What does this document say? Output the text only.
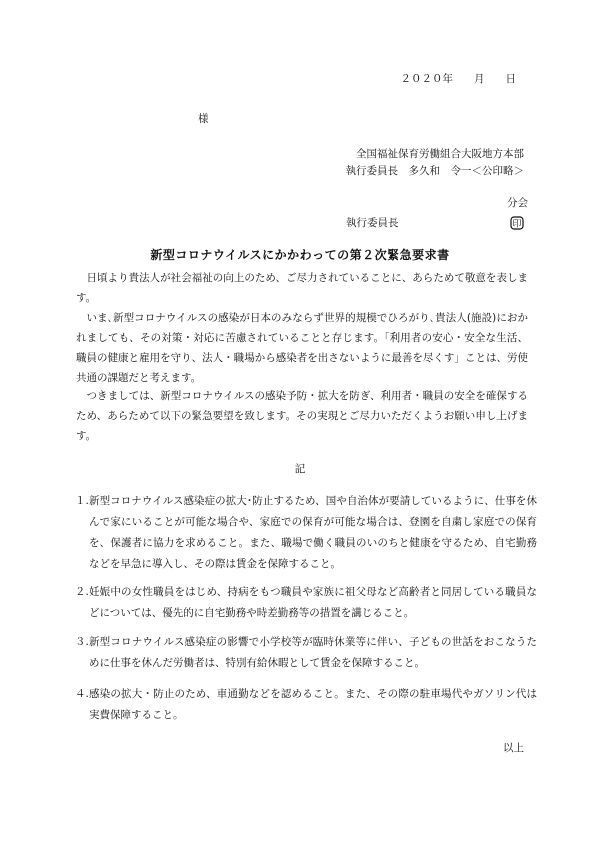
２０２０年　　月　　日
様
全国福祉保育労働組合大阪地方本部
執行委員長　多久和　令一＜公印略＞
分会
執行委員長	印
新型コロナウイルスにかかわっての第２次緊急要求書

日頃より貴法人が社会福祉の向上のため、ご尽力されていることに、あらためて敬意を表します。

いま､新型コロナウイルスの感染が日本のみならず世界的規模でひろがり､貴法人(施設)におかれましても、その対策・対応に苦慮されていることと存じます。｢利用者の安心・安全な生活、職員の健康と雇用を守り、法人・職場から感染者を出さないように最善を尽くす」ことは、労使共通の課題だと考えます。

つきましては、新型コロナウイルスの感染予防・拡大を防ぎ、利用者・職員の安全を確保するため、あらためて以下の緊急要望を致します。その実現とご尽力いただくようお願い申し上げます。

記
１. 新型コロナウイルス感染症の拡大･防止するため、国や自治体が要請しているように、仕事を休んで家にいることが可能な場合や、家庭での保育が可能な場合は、登園を自粛し家庭での保育を、保護者に協力を求めること。また、職場で働く職員のいのちと健康を守るため、自宅勤務などを早急に導入し、その際は賃金を保障すること。
２. 妊娠中の女性職員をはじめ、持病をもつ職員や家族に祖父母など高齢者と同居している職員などについては、優先的に自宅勤務や時差勤務等の措置を講じること。
３. 新型コロナウイルス感染症の影響で小学校等が臨時休業等に伴い、子どもの世話をおこなうために仕事を休んだ労働者は、特別有給休暇として賃金を保障すること。
４. 感染の拡大・防止のため、車通勤などを認めること。また、その際の駐車場代やガソリン代は実費保障すること。
以上
